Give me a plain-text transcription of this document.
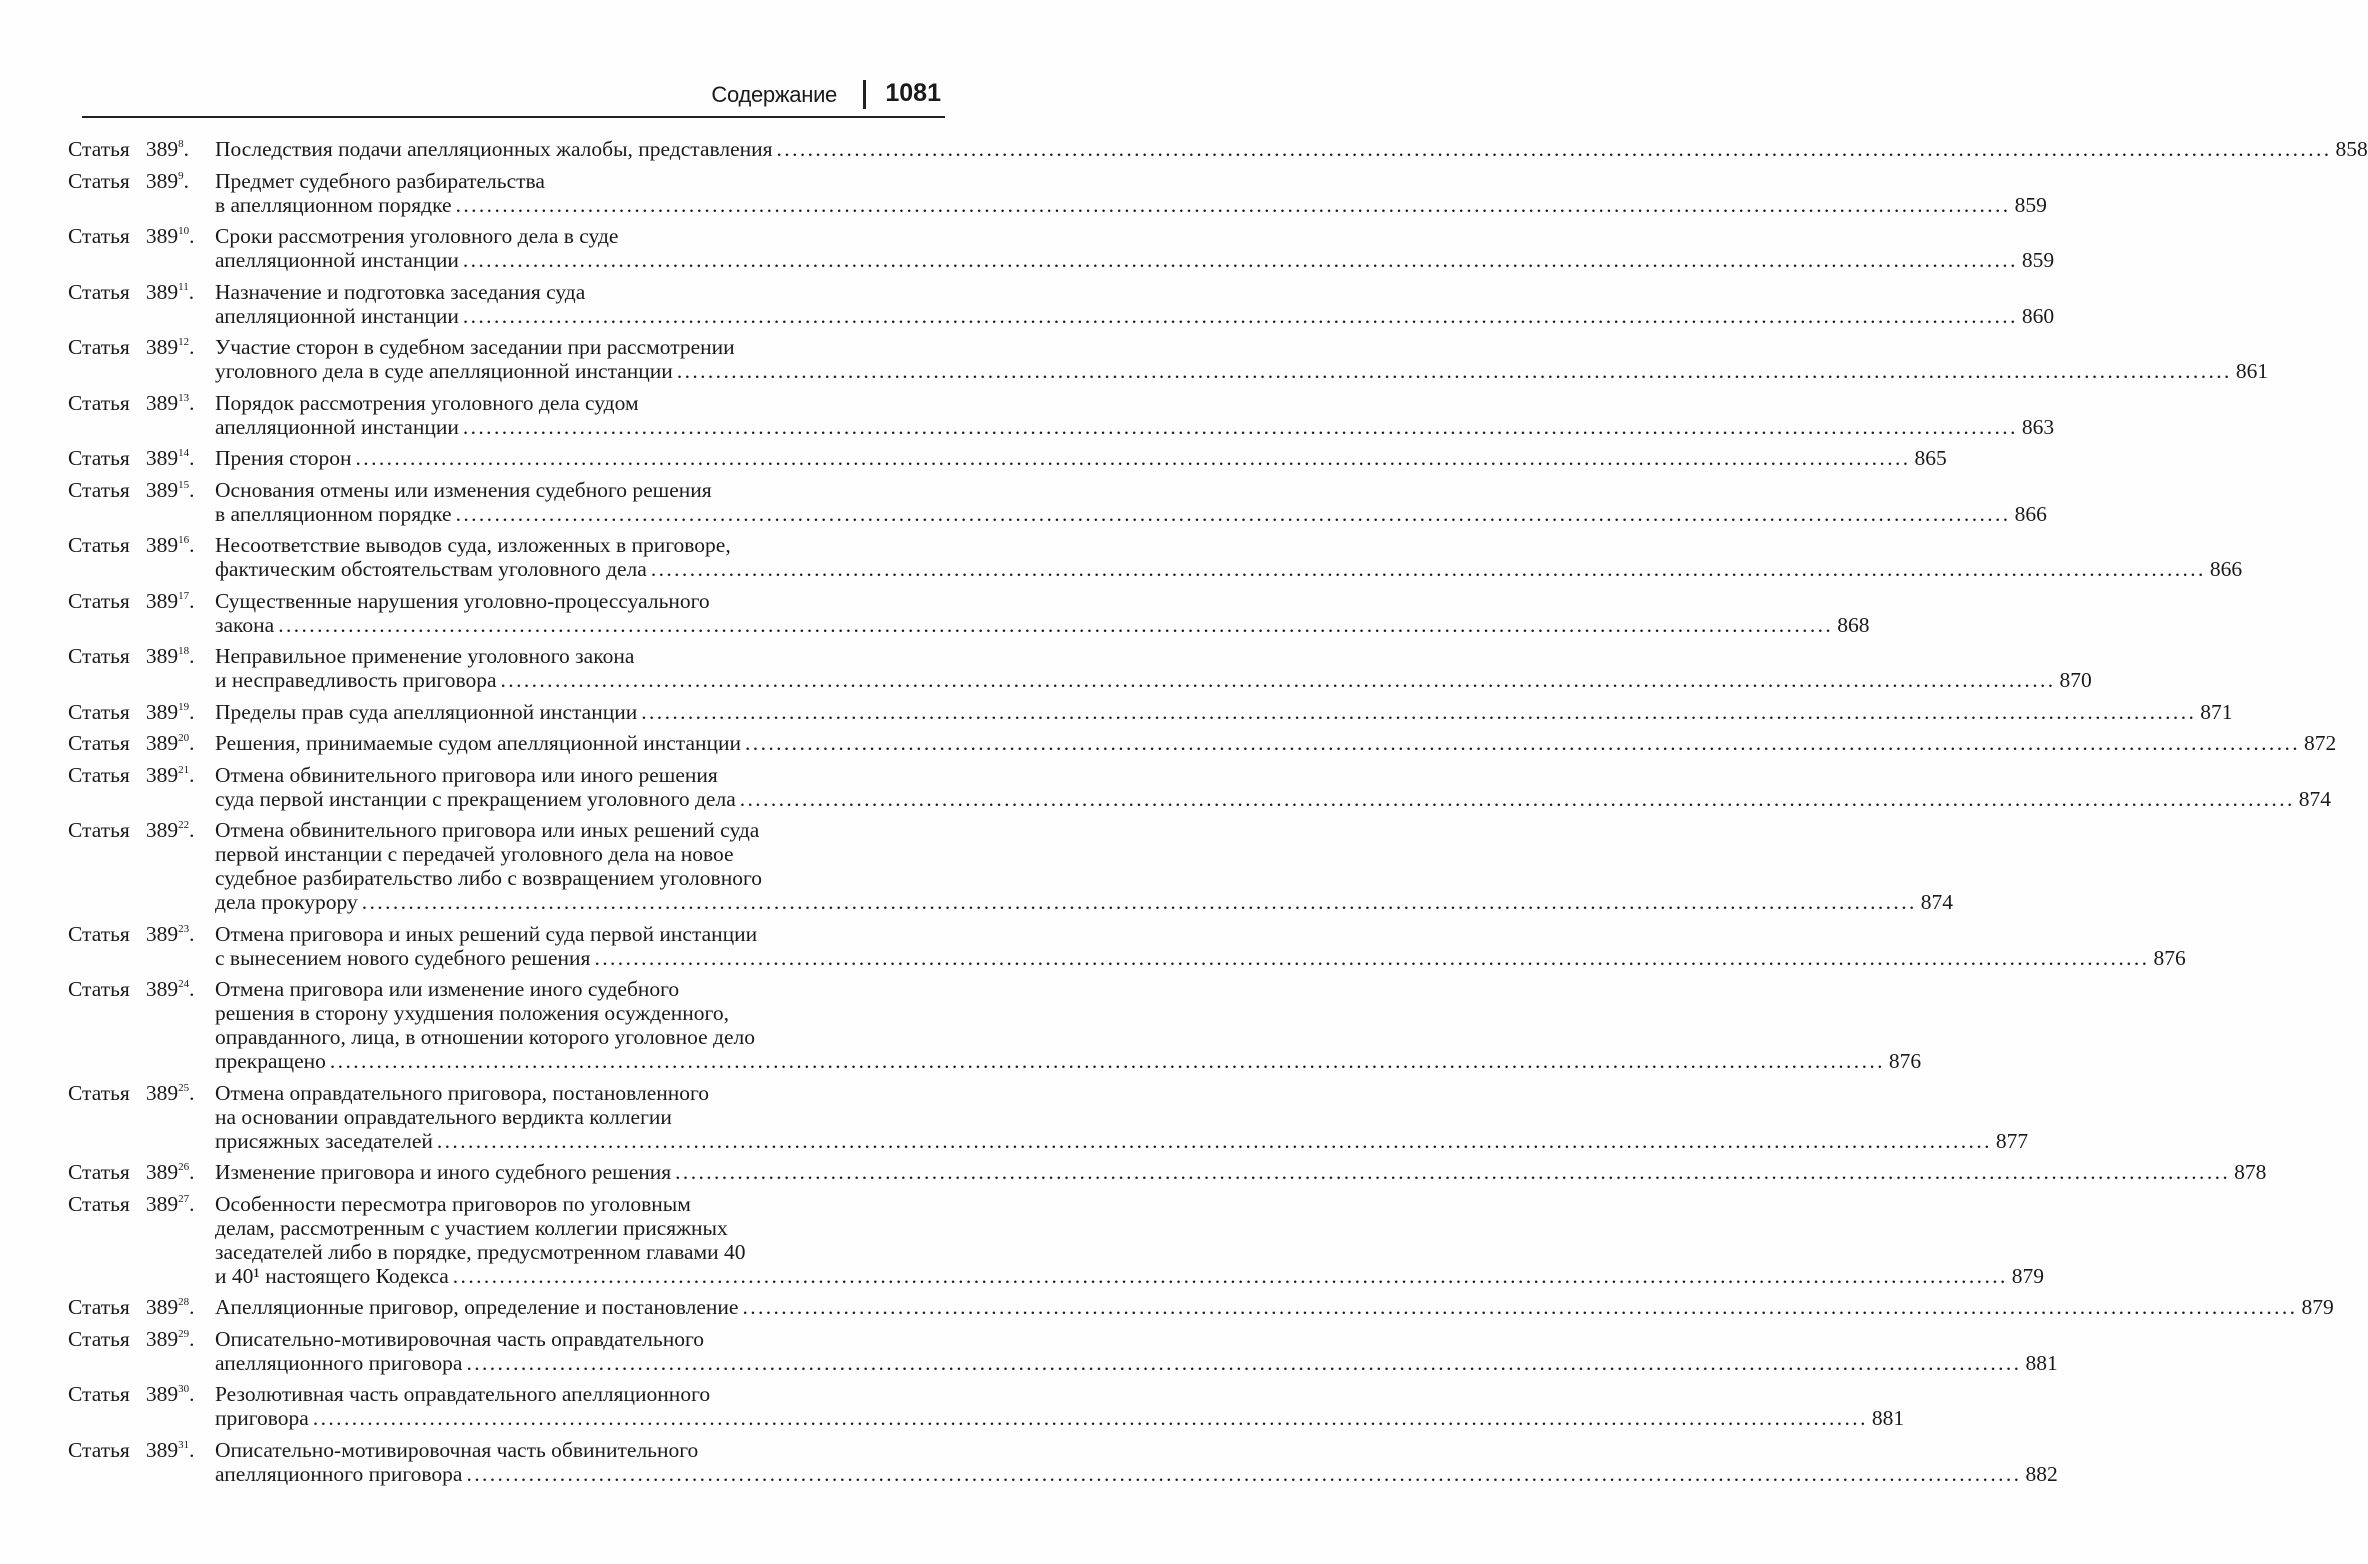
Содержание 1081
Статья  $389^8$. Последствия подачи апелляционных жалобы, представления ........................................................................................................................................................................................................ 858
Статья  $389^9$. Предмет судебного разбирательства
в апелляционном порядке ........................................................................................................................................................................................................ 859
Статья  $389^{10}$. Сроки рассмотрения уголовного дела в суде
апелляционной инстанции ........................................................................................................................................................................................................ 859
Статья  $389^{11}$. Назначение и подготовка заседания суда
апелляционной инстанции ........................................................................................................................................................................................................ 860
Статья  $389^{12}$. Участие сторон в судебном заседании при рассмотрении
уголовного дела в суде апелляционной инстанции ........................................................................................................................................................................................................ 861
Статья  $389^{13}$. Порядок рассмотрения уголовного дела судом
апелляционной инстанции ........................................................................................................................................................................................................ 863
Статья  $389^{14}$. Прения сторон ........................................................................................................................................................................................................ 865
Статья  $389^{15}$. Основания отмены или изменения судебного решения
в апелляционном порядке ........................................................................................................................................................................................................ 866
Статья  $389^{16}$. Несоответствие выводов суда, изложенных в приговоре,
фактическим обстоятельствам уголовного дела ........................................................................................................................................................................................................ 866
Статья  $389^{17}$. Существенные нарушения уголовно-процессуального
закона ........................................................................................................................................................................................................ 868
Статья  $389^{18}$. Неправильное применение уголовного закона
и несправедливость приговора ........................................................................................................................................................................................................ 870
Статья  $389^{19}$. Пределы прав суда апелляционной инстанции ........................................................................................................................................................................................................ 871
Статья  $389^{20}$. Решения, принимаемые судом апелляционной инстанции ........................................................................................................................................................................................................ 872
Статья  $389^{21}$. Отмена обвинительного приговора или иного решения
суда первой инстанции с прекращением уголовного дела ........................................................................................................................................................................................................ 874
Статья  $389^{22}$. Отмена обвинительного приговора или иных решений суда
первой инстанции с передачей уголовного дела на новое
судебное разбирательство либо с возвращением уголовного
дела прокурору ........................................................................................................................................................................................................ 874
Статья  $389^{23}$. Отмена приговора и иных решений суда первой инстанции
с вынесением нового судебного решения ........................................................................................................................................................................................................ 876
Статья  $389^{24}$. Отмена приговора или изменение иного судебного
решения в сторону ухудшения положения осужденного,
оправданного, лица, в отношении которого уголовное дело
прекращено ........................................................................................................................................................................................................ 876
Статья  $389^{25}$. Отмена оправдательного приговора, постановленного
на основании оправдательного вердикта коллегии
присяжных заседателей ........................................................................................................................................................................................................ 877
Статья  $389^{26}$. Изменение приговора и иного судебного решения ........................................................................................................................................................................................................ 878
Статья  $389^{27}$. Особенности пересмотра приговоров по уголовным
делам, рассмотренным с участием коллегии присяжных
заседателей либо в порядке, предусмотренном главами 40
и 40¹ настоящего Кодекса ........................................................................................................................................................................................................ 879
Статья  $389^{28}$. Апелляционные приговор, определение и постановление ........................................................................................................................................................................................................ 879
Статья  $389^{29}$. Описательно-мотивировочная часть оправдательного
апелляционного приговора ........................................................................................................................................................................................................ 881
Статья  $389^{30}$. Резолютивная часть оправдательного апелляционного
приговора ........................................................................................................................................................................................................ 881
Статья  $389^{31}$. Описательно-мотивировочная часть обвинительного
апелляционного приговора ........................................................................................................................................................................................................ 882
